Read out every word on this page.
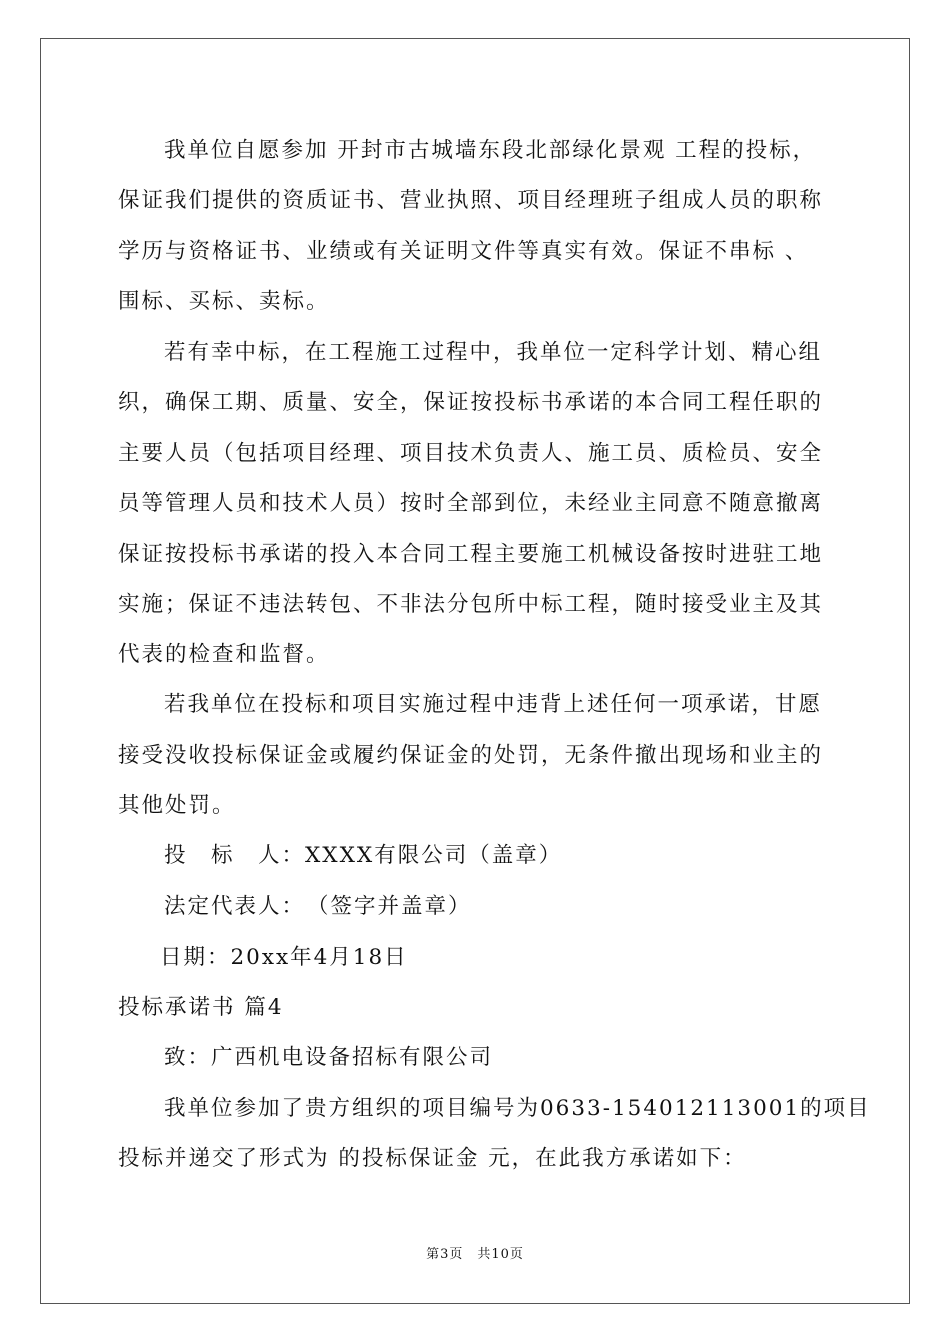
我单位自愿参加 开封市古城墙东段北部绿化景观 工程的投标，
保证我们提供的资质证书、营业执照、项目经理班子组成人员的职称
学历与资格证书、业绩或有关证明文件等真实有效。保证不串标 、
围标、买标、卖标。
若有幸中标，在工程施工过程中，我单位一定科学计划、精心组
织，确保工期、质量、安全，保证按投标书承诺的本合同工程任职的
主要人员（包括项目经理、项目技术负责人、施工员、质检员、安全
员等管理人员和技术人员）按时全部到位，未经业主同意不随意撤离
保证按投标书承诺的投入本合同工程主要施工机械设备按时进驻工地
实施；保证不违法转包、不非法分包所中标工程，随时接受业主及其
代表的检查和监督。
若我单位在投标和项目实施过程中违背上述任何一项承诺，甘愿
接受没收投标保证金或履约保证金的处罚，无条件撤出现场和业主的
其他处罚。
投　标　人：XXXX有限公司（盖章）
法定代表人：　（签字并盖章）
日期：20xx年4月18日
投标承诺书 篇4
致：广西机电设备招标有限公司
我单位参加了贵方组织的项目编号为0633-154012113001的项目
投标并递交了形式为 的投标保证金 元，在此我方承诺如下：
第3页　共10页
